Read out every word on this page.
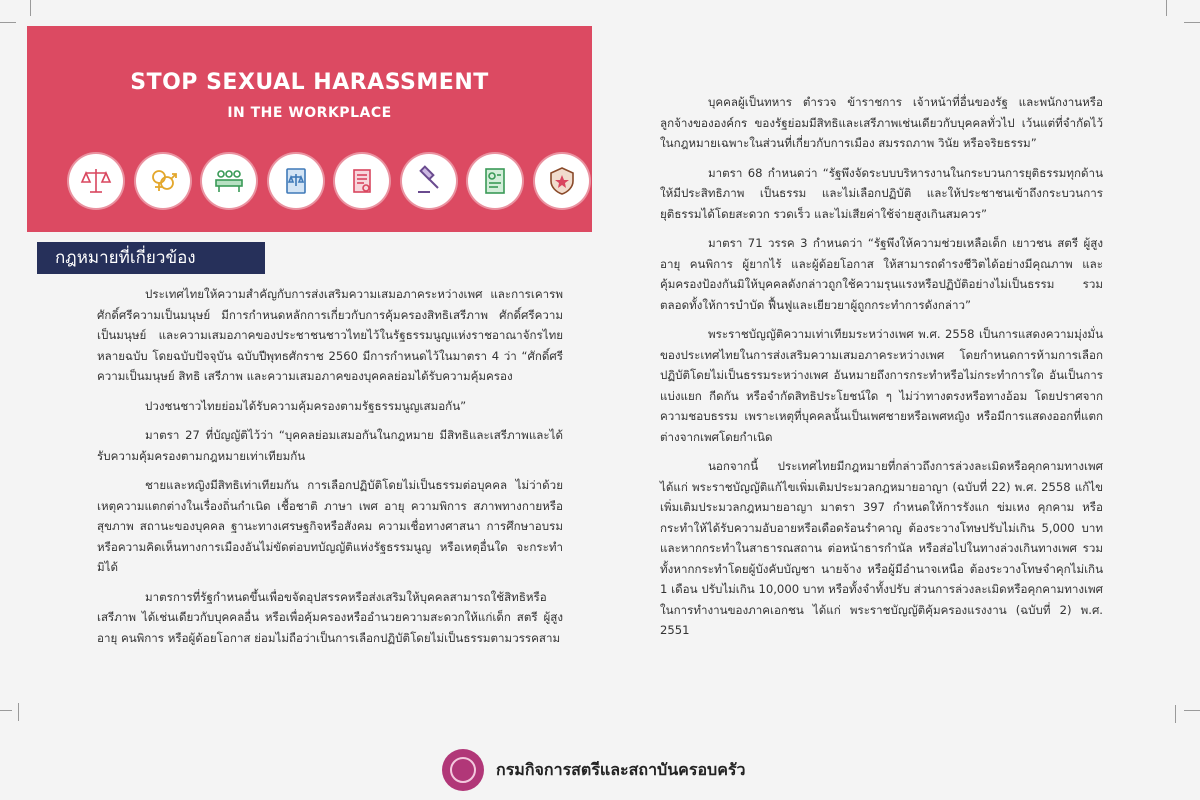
STOP SEXUAL HARASSMENT
IN THE WORKPLACE
กฎหมายที่เกี่ยวข้อง

ประเทศไทยให้ความสำคัญกับการส่งเสริมความเสมอภาคระหว่างเพศ และการเคารพศักดิ์ศรีความเป็นมนุษย์ มีการกำหนดหลักการเกี่ยวกับการคุ้มครองสิทธิเสรีภาพ ศักดิ์ศรีความเป็นมนุษย์ และความเสมอภาคของประชาชนชาวไทยไว้ในรัฐธรรมนูญแห่งราชอาณาจักรไทยหลายฉบับ โดยฉบับปัจจุบัน ฉบับปีพุทธศักราช 2560 มีการกำหนดไว้ในมาตรา 4 ว่า “ศักดิ์ศรีความเป็นมนุษย์ สิทธิ เสรีภาพ และความเสมอภาคของบุคคลย่อมได้รับความคุ้มครอง

ปวงชนชาวไทยย่อมได้รับความคุ้มครองตามรัฐธรรมนูญเสมอกัน”

มาตรา 27 ที่บัญญัติไว้ว่า “บุคคลย่อมเสมอกันในกฎหมาย มีสิทธิและเสรีภาพและได้รับความคุ้มครองตามกฎหมายเท่าเทียมกัน

ชายและหญิงมีสิทธิเท่าเทียมกัน การเลือกปฏิบัติโดยไม่เป็นธรรมต่อบุคคล ไม่ว่าด้วยเหตุความแตกต่างในเรื่องถิ่นกำเนิด เชื้อชาติ ภาษา เพศ อายุ ความพิการ สภาพทางกายหรือสุขภาพ สถานะของบุคคล ฐานะทางเศรษฐกิจหรือสังคม ความเชื่อทางศาสนา การศึกษาอบรม หรือความคิดเห็นทางการเมืองอันไม่ขัดต่อบทบัญญัติแห่งรัฐธรรมนูญ หรือเหตุอื่นใด จะกระทำมิได้

มาตรการที่รัฐกำหนดขึ้นเพื่อขจัดอุปสรรคหรือส่งเสริมให้บุคคลสามารถใช้สิทธิหรือเสรีภาพ ได้เช่นเดียวกับบุคคลอื่น หรือเพื่อคุ้มครองหรืออำนวยความสะดวกให้แก่เด็ก สตรี ผู้สูงอายุ คนพิการ หรือผู้ด้อยโอกาส ย่อมไม่ถือว่าเป็นการเลือกปฏิบัติโดยไม่เป็นธรรมตามวรรคสาม

บุคคลผู้เป็นทหาร ตำรวจ ข้าราชการ เจ้าหน้าที่อื่นของรัฐ และพนักงานหรือลูกจ้างขององค์กร ของรัฐย่อมมีสิทธิและเสรีภาพเช่นเดียวกับบุคคลทั่วไป เว้นแต่ที่จำกัดไว้ในกฎหมายเฉพาะในส่วนที่เกี่ยวกับการเมือง สมรรถภาพ วินัย หรือจริยธรรม”

มาตรา 68 กำหนดว่า “รัฐพึงจัดระบบบริหารงานในกระบวนการยุติธรรมทุกด้านให้มีประสิทธิภาพ เป็นธรรม และไม่เลือกปฏิบัติ และให้ประชาชนเข้าถึงกระบวนการยุติธรรมได้โดยสะดวก รวดเร็ว และไม่เสียค่าใช้จ่ายสูงเกินสมควร”

มาตรา 71 วรรค 3 กำหนดว่า “รัฐพึงให้ความช่วยเหลือเด็ก เยาวชน สตรี ผู้สูงอายุ คนพิการ ผู้ยากไร้ และผู้ด้อยโอกาส ให้สามารถดำรงชีวิตได้อย่างมีคุณภาพ และคุ้มครองป้องกันมิให้บุคคลดังกล่าวถูกใช้ความรุนแรงหรือปฏิบัติอย่างไม่เป็นธรรม รวมตลอดทั้งให้การบำบัด ฟื้นฟูและเยียวยาผู้ถูกกระทำการดังกล่าว”

พระราชบัญญัติความเท่าเทียมระหว่างเพศ พ.ศ. 2558 เป็นการแสดงความมุ่งมั่นของประเทศไทยในการส่งเสริมความเสมอภาคระหว่างเพศ โดยกำหนดการห้ามการเลือกปฏิบัติโดยไม่เป็นธรรมระหว่างเพศ อันหมายถึงการกระทำหรือไม่กระทำการใด อันเป็นการแบ่งแยก กีดกัน หรือจำกัดสิทธิประโยชน์ใด ๆ ไม่ว่าทางตรงหรือทางอ้อม โดยปราศจากความชอบธรรม เพราะเหตุที่บุคคลนั้นเป็นเพศชายหรือเพศหญิง หรือมีการแสดงออกที่แตกต่างจากเพศโดยกำเนิด

นอกจากนี้ ประเทศไทยมีกฎหมายที่กล่าวถึงการล่วงละเมิดหรือคุกคามทางเพศ ได้แก่ พระราชบัญญัติแก้ไขเพิ่มเติมประมวลกฎหมายอาญา (ฉบับที่ 22) พ.ศ. 2558 แก้ไขเพิ่มเติมประมวลกฎหมายอาญา มาตรา 397 กำหนดให้การรังแก ข่มเหง คุกคาม หรือกระทำให้ได้รับความอับอายหรือเดือดร้อนรำคาญ ต้องระวางโทษปรับไม่เกิน 5,000 บาท และหากกระทำในสาธารณสถาน ต่อหน้าธารกำนัล หรือส่อไปในทางล่วงเกินทางเพศ รวมทั้งหากกระทำโดยผู้บังคับบัญชา นายจ้าง หรือผู้มีอำนาจเหนือ ต้องระวางโทษจำคุกไม่เกิน 1 เดือน ปรับไม่เกิน 10,000 บาท หรือทั้งจำทั้งปรับ ส่วนการล่วงละเมิดหรือคุกคามทางเพศในการทำงานของภาคเอกชน ได้แก่ พระราชบัญญัติคุ้มครองแรงงาน (ฉบับที่ 2) พ.ศ. 2551

กรมกิจการสตรีและสถาบันครอบครัว
